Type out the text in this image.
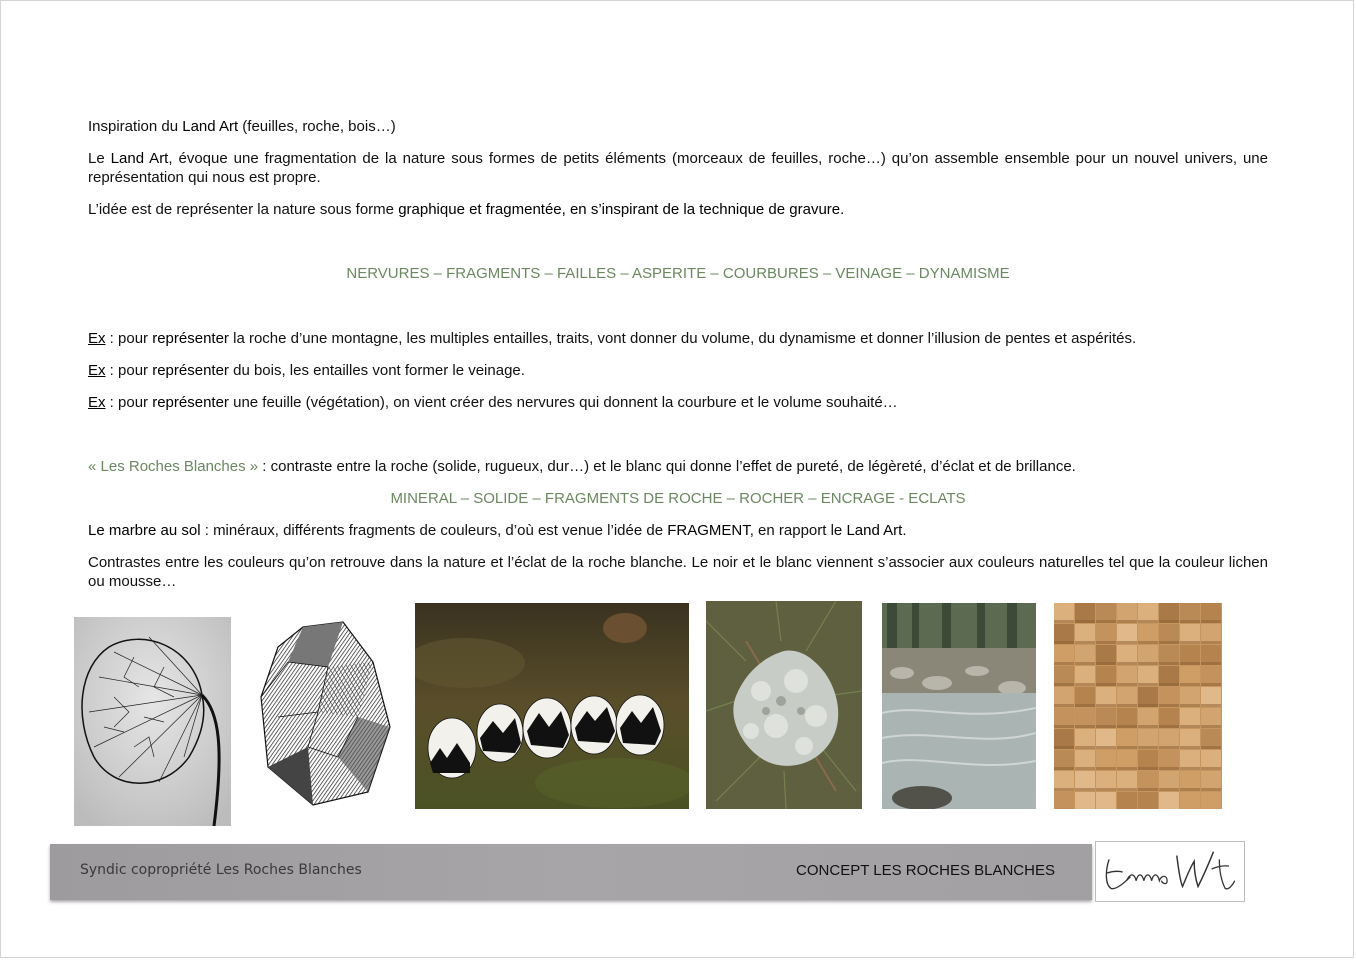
Inspiration du Land Art (feuilles, roche, bois…)

Le Land Art, évoque une fragmentation de la nature sous formes de petits éléments (morceaux de feuilles, roche…) qu’on assemble ensemble pour un nouvel univers, une représentation qui nous est propre.

L’idée est de représenter la nature sous forme graphique et fragmentée, en s’inspirant de la technique de gravure.

NERVURES – FRAGMENTS – FAILLES – ASPERITE – COURBURES – VEINAGE – DYNAMISME

Ex : pour représenter la roche d’une montagne, les multiples entailles, traits, vont donner du volume, du dynamisme et donner l’illusion de pentes et aspérités.

Ex : pour représenter du bois, les entailles vont former le veinage.

Ex : pour représenter une feuille (végétation), on vient créer des nervures qui donnent la courbure et le volume souhaité…

« Les Roches Blanches » : contraste entre la roche (solide, rugueux, dur…) et le blanc qui donne l’effet de pureté, de légèreté, d’éclat et de brillance.

MINERAL – SOLIDE – FRAGMENTS DE ROCHE – ROCHER – ENCRAGE - ECLATS

Le marbre au sol : minéraux, différents fragments de couleurs, d’où est venue l’idée de FRAGMENT, en rapport le Land Art.

Contrastes entre les couleurs qu’on retrouve dans la nature et l’éclat de la roche blanche. Le noir et le blanc viennent s’associer aux couleurs naturelles tel que la couleur lichen ou mousse…

Syndic copropriété Les Roches Blanches	CONCEPT LES ROCHES BLANCHES
